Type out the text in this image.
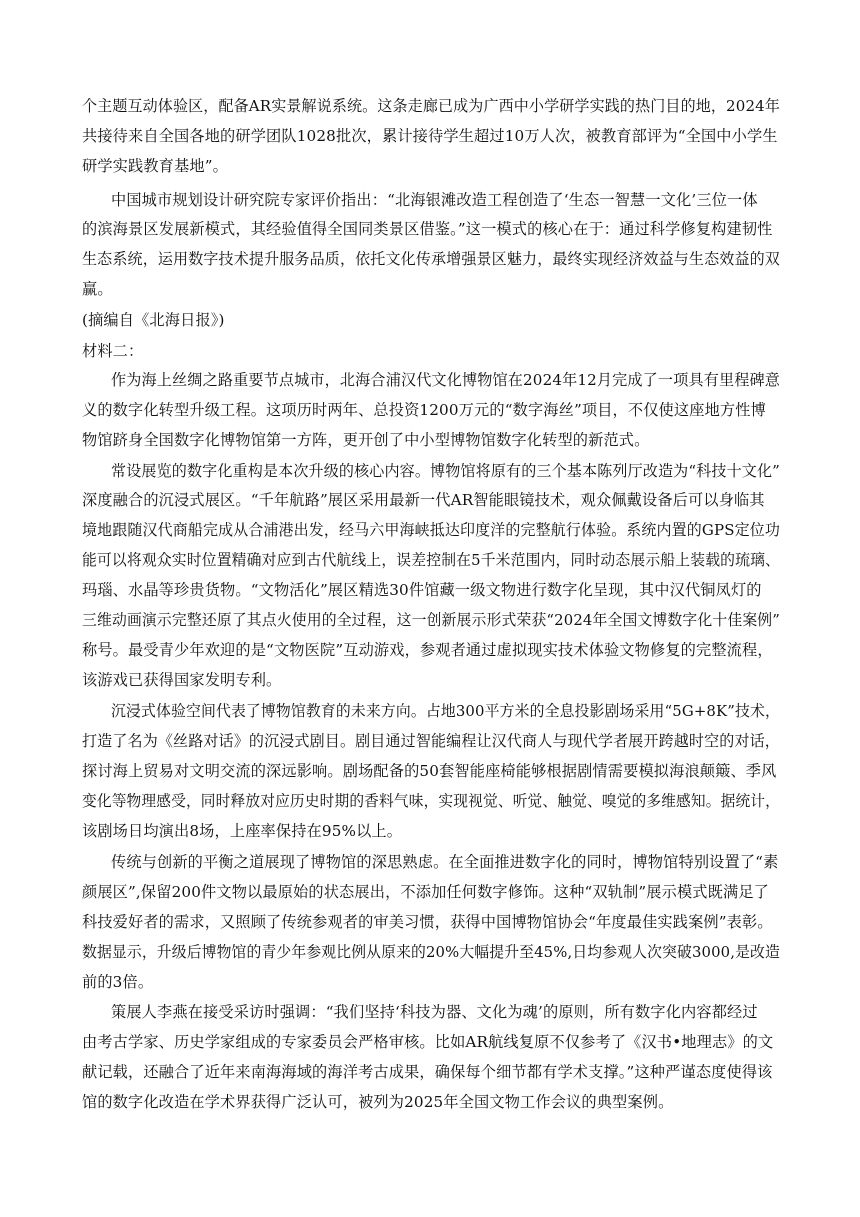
个主题互动体验区，配备AR实景解说系统。这条走廊已成为广西中小学研学实践的热门目的地，2024年
共接待来自全国各地的研学团队1028批次，累计接待学生超过10万人次，被教育部评为“全国中小学生
研学实践教育基地”。
中国城市规划设计研究院专家评价指出：“北海银滩改造工程创造了‘生态一智慧一文化’三位一体
的滨海景区发展新模式，其经验值得全国同类景区借鉴。”这一模式的核心在于：通过科学修复构建韧性
生态系统，运用数字技术提升服务品质，依托文化传承增强景区魅力，最终实现经济效益与生态效益的双
赢。
(摘编自《北海日报》)
材料二：
作为海上丝绸之路重要节点城市，北海合浦汉代文化博物馆在2024年12月完成了一项具有里程碑意
义的数字化转型升级工程。这项历时两年、总投资1200万元的“数字海丝”项目，不仅使这座地方性博
物馆跻身全国数字化博物馆第一方阵，更开创了中小型博物馆数字化转型的新范式。
常设展览的数字化重构是本次升级的核心内容。博物馆将原有的三个基本陈列厅改造为“科技十文化”
深度融合的沉浸式展区。“千年航路”展区采用最新一代AR智能眼镜技术，观众佩戴设备后可以身临其
境地跟随汉代商船完成从合浦港出发，经马六甲海峡抵达印度洋的完整航行体验。系统内置的GPS定位功
能可以将观众实时位置精确对应到古代航线上，误差控制在5千米范围内，同时动态展示船上装载的琉璃、
玛瑙、水晶等珍贵货物。“文物活化”展区精选30件馆藏一级文物进行数字化呈现，其中汉代铜凤灯的
三维动画演示完整还原了其点火使用的全过程，这一创新展示形式荣获“2024年全国文博数字化十佳案例”
称号。最受青少年欢迎的是“文物医院”互动游戏，参观者通过虚拟现实技术体验文物修复的完整流程，
该游戏已获得国家发明专利。
沉浸式体验空间代表了博物馆教育的未来方向。占地300平方米的全息投影剧场采用“5G+8K”技术，
打造了名为《丝路对话》的沉浸式剧目。剧目通过智能编程让汉代商人与现代学者展开跨越时空的对话，
探讨海上贸易对文明交流的深远影响。剧场配备的50套智能座椅能够根据剧情需要模拟海浪颠簸、季风
变化等物理感受，同时释放对应历史时期的香料气味，实现视觉、听觉、触觉、嗅觉的多维感知。据统计，
该剧场日均演出8场，上座率保持在95%以上。
传统与创新的平衡之道展现了博物馆的深思熟虑。在全面推进数字化的同时，博物馆特别设置了“素
颜展区”,保留200件文物以最原始的状态展出，不添加任何数字修饰。这种“双轨制”展示模式既满足了
科技爱好者的需求，又照顾了传统参观者的审美习惯，获得中国博物馆协会“年度最佳实践案例”表彰。
数据显示，升级后博物馆的青少年参观比例从原来的20%大幅提升至45%,日均参观人次突破3000,是改造
前的3倍。
策展人李燕在接受采访时强调：“我们坚持‘科技为器、文化为魂’的原则，所有数字化内容都经过
由考古学家、历史学家组成的专家委员会严格审核。比如AR航线复原不仅参考了《汉书•地理志》的文
献记载，还融合了近年来南海海域的海洋考古成果，确保每个细节都有学术支撑。”这种严谨态度使得该
馆的数字化改造在学术界获得广泛认可，被列为2025年全国文物工作会议的典型案例。
